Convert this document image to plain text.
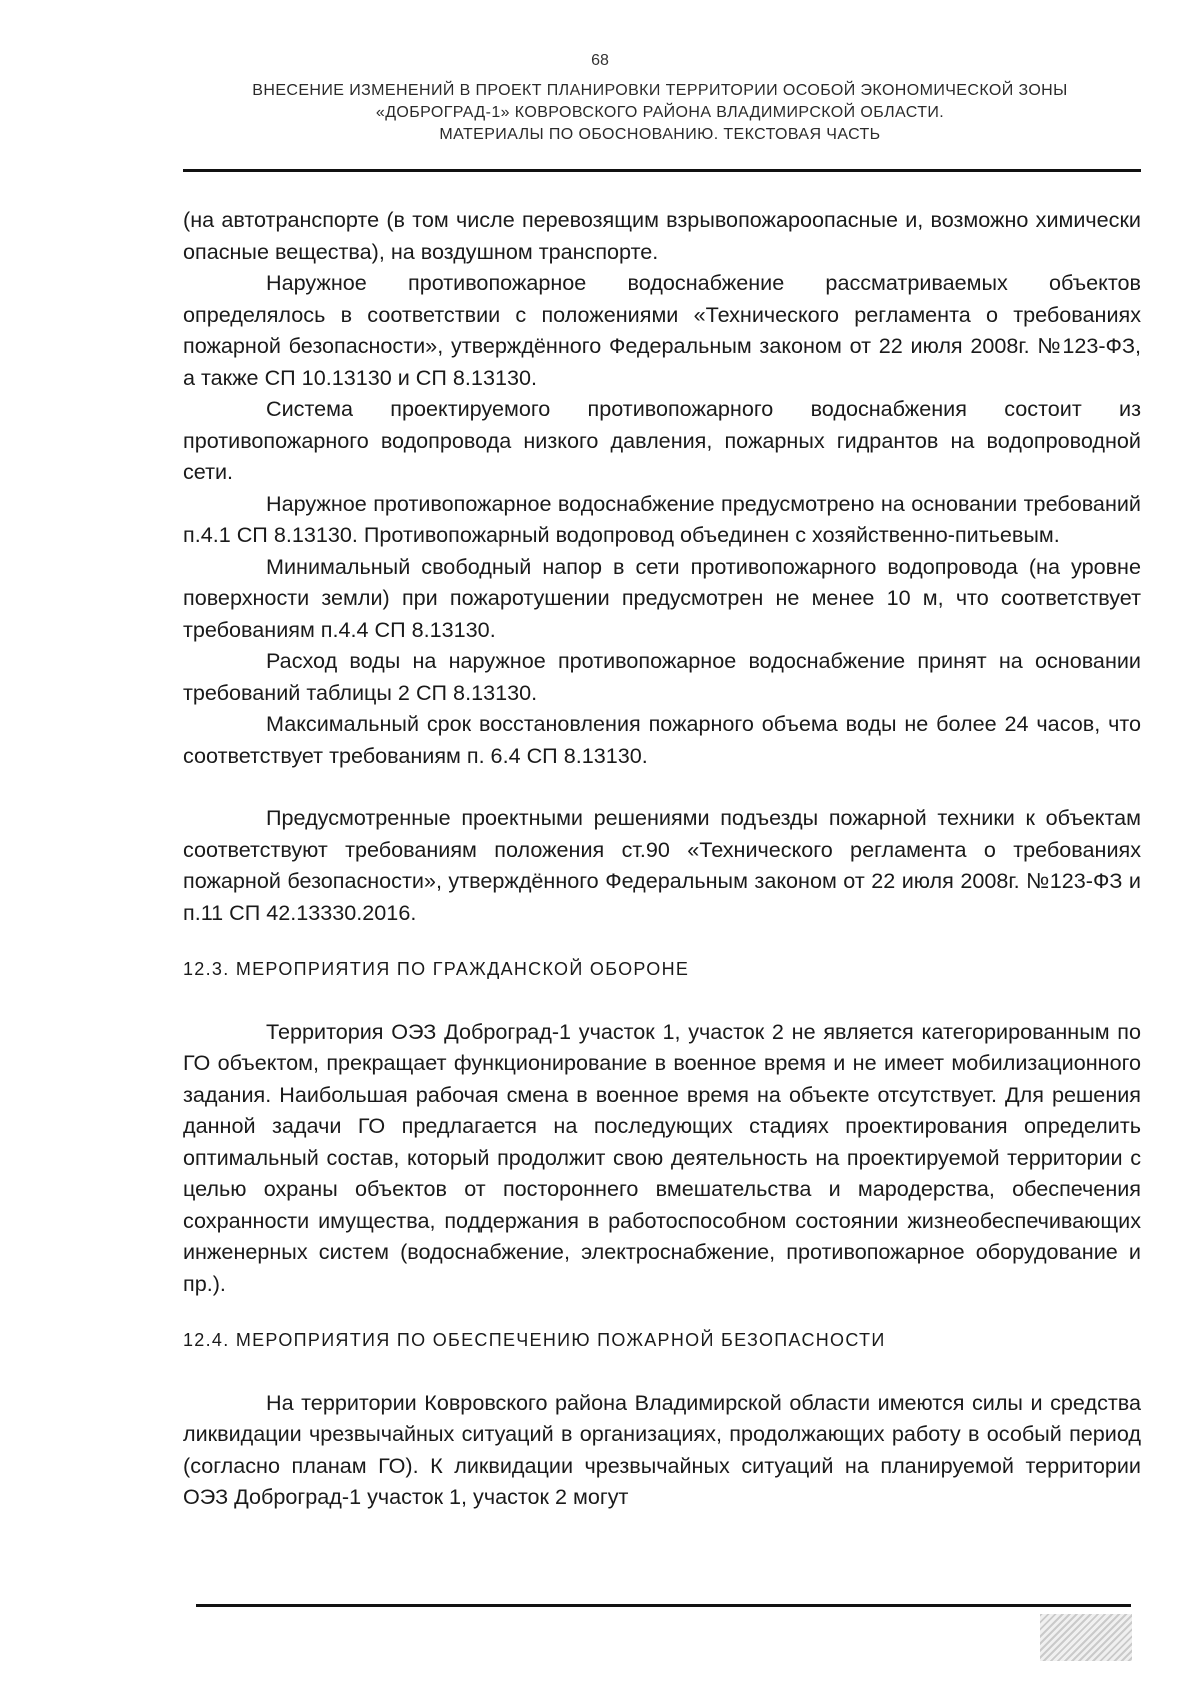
68
ВНЕСЕНИЕ ИЗМЕНЕНИЙ В ПРОЕКТ ПЛАНИРОВКИ ТЕРРИТОРИИ ОСОБОЙ ЭКОНОМИЧЕСКОЙ ЗОНЫ
«ДОБРОГРАД-1» КОВРОВСКОГО РАЙОНА ВЛАДИМИРСКОЙ ОБЛАСТИ.
МАТЕРИАЛЫ ПО ОБОСНОВАНИЮ. ТЕКСТОВАЯ ЧАСТЬ

(на автотранспорте (в том числе перевозящим взрывопожароопасные и, возможно химически опасные вещества), на воздушном транспорте.

Наружное противопожарное водоснабжение рассматриваемых объектов определялось в соответствии с положениями «Технического регламента о требованиях пожарной безопасности», утверждённого Федеральным законом от 22 июля 2008г. №123-ФЗ, а также СП 10.13130 и СП 8.13130.

Система проектируемого противопожарного водоснабжения состоит из противопожарного водопровода низкого давления, пожарных гидрантов на водопроводной сети.

Наружное противопожарное водоснабжение предусмотрено на основании требований п.4.1 СП 8.13130. Противопожарный водопровод объединен с хозяйственно-питьевым.

Минимальный свободный напор в сети противопожарного водопровода (на уровне поверхности земли) при пожаротушении предусмотрен не менее 10 м, что соответствует требованиям п.4.4 СП 8.13130.

Расход воды на наружное противопожарное водоснабжение принят на основании требований таблицы 2 СП 8.13130.

Максимальный срок восстановления пожарного объема воды не более 24 часов, что соответствует требованиям п. 6.4 СП 8.13130.

Предусмотренные проектными решениями подъезды пожарной техники к объектам соответствуют требованиям положения ст.90 «Технического регламента о требованиях пожарной безопасности», утверждённого Федеральным законом от 22 июля 2008г. №123-ФЗ и п.11 СП 42.13330.2016.

12.3. МЕРОПРИЯТИЯ ПО ГРАЖДАНСКОЙ ОБОРОНЕ

Территория ОЭЗ Доброград-1 участок 1, участок 2 не является категорированным по ГО объектом, прекращает функционирование в военное время и не имеет мобилизационного задания. Наибольшая рабочая смена в военное время на объекте отсутствует. Для решения данной задачи ГО предлагается на последующих стадиях проектирования определить оптимальный состав, который продолжит свою деятельность на проектируемой территории с целью охраны объектов от постороннего вмешательства и мародерства, обеспечения сохранности имущества, поддержания в работоспособном состоянии жизнеобеспечивающих инженерных систем (водоснабжение, электроснабжение, противопожарное оборудование и пр.).

12.4. МЕРОПРИЯТИЯ ПО ОБЕСПЕЧЕНИЮ ПОЖАРНОЙ БЕЗОПАСНОСТИ

На территории Ковровского района Владимирской области имеются силы и средства ликвидации чрезвычайных ситуаций в организациях, продолжающих работу в особый период (согласно планам ГО). К ликвидации чрезвычайных ситуаций на планируемой территории ОЭЗ Доброград-1 участок 1, участок 2 могут
